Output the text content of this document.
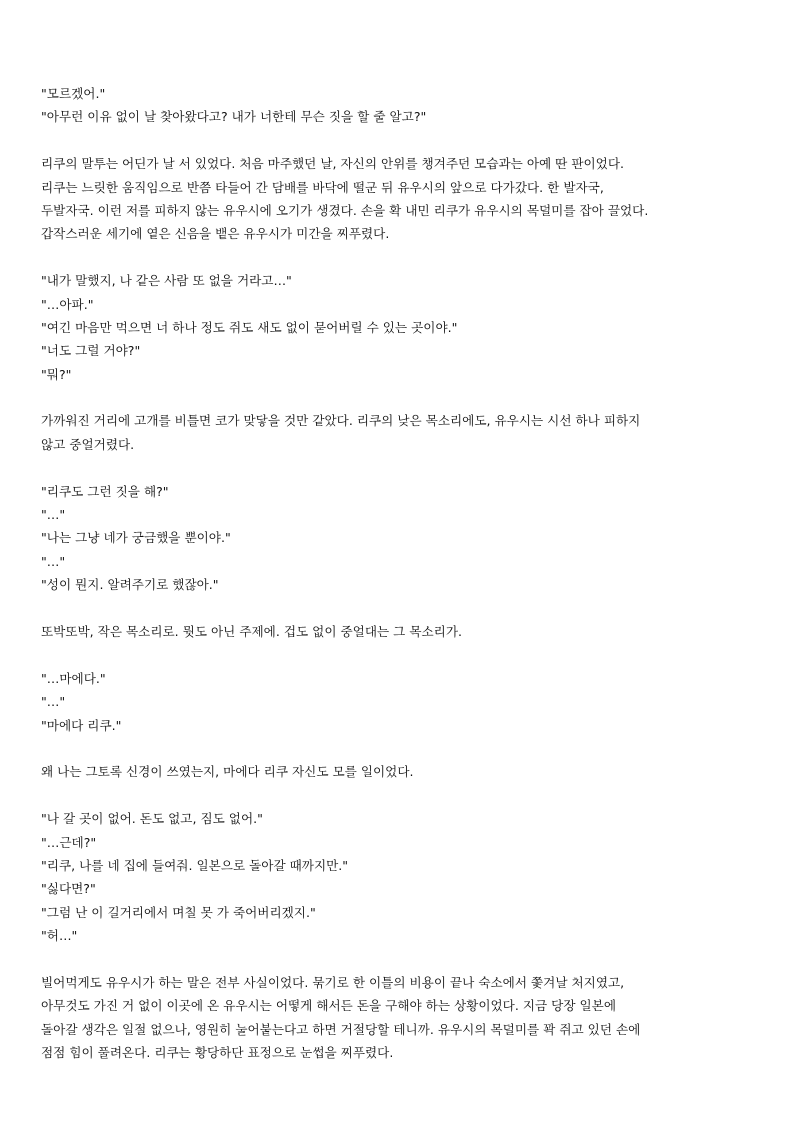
"모르겠어."
"아무런 이유 없이 날 찾아왔다고? 내가 너한테 무슨 짓을 할 줄 알고?"
리쿠의 말투는 어딘가 날 서 있었다. 처음 마주했던 날, 자신의 안위를 챙겨주던 모습과는 아예 딴 판이었다.
리쿠는 느릿한 움직임으로 반쯤 타들어 간 담배를 바닥에 떨군 뒤 유우시의 앞으로 다가갔다. 한 발자국,
두발자국. 이런 저를 피하지 않는 유우시에 오기가 생겼다. 손을 확 내민 리쿠가 유우시의 목덜미를 잡아 끌었다.
갑작스러운 세기에 옅은 신음을 뱉은 유우시가 미간을 찌푸렸다.
"내가 말했지, 나 같은 사람 또 없을 거라고…"
"…아파."
"여긴 마음만 먹으면 너 하나 정도 쥐도 새도 없이 묻어버릴 수 있는 곳이야."
"너도 그럴 거야?"
"뭐?"
가까워진 거리에 고개를 비틀면 코가 맞닿을 것만 같았다. 리쿠의 낮은 목소리에도, 유우시는 시선 하나 피하지
않고 중얼거렸다.
"리쿠도 그런 짓을 해?"
"…"
"나는 그냥 네가 궁금했을 뿐이야."
"…"
"성이 뭔지. 알려주기로 했잖아."
또박또박, 작은 목소리로. 뭣도 아닌 주제에. 겁도 없이 중얼대는 그 목소리가.
"…마에다."
"…"
"마에다 리쿠."
왜 나는 그토록 신경이 쓰였는지, 마에다 리쿠 자신도 모를 일이었다.
"나 갈 곳이 없어. 돈도 없고, 짐도 없어."
"…근데?"
"리쿠, 나를 네 집에 들여줘. 일본으로 돌아갈 때까지만."
"싫다면?"
"그럼 난 이 길거리에서 며칠 못 가 죽어버리겠지."
"허…"
빌어먹게도 유우시가 하는 말은 전부 사실이었다. 묶기로 한 이틀의 비용이 끝나 숙소에서 쫓겨날 처지였고,
아무것도 가진 거 없이 이곳에 온 유우시는 어떻게 해서든 돈을 구해야 하는 상황이었다. 지금 당장 일본에
돌아갈 생각은 일절 없으나, 영원히 눌어붙는다고 하면 거절당할 테니까. 유우시의 목덜미를 꽉 쥐고 있던 손에
점점 힘이 풀려온다. 리쿠는 황당하단 표정으로 눈썹을 찌푸렸다.
